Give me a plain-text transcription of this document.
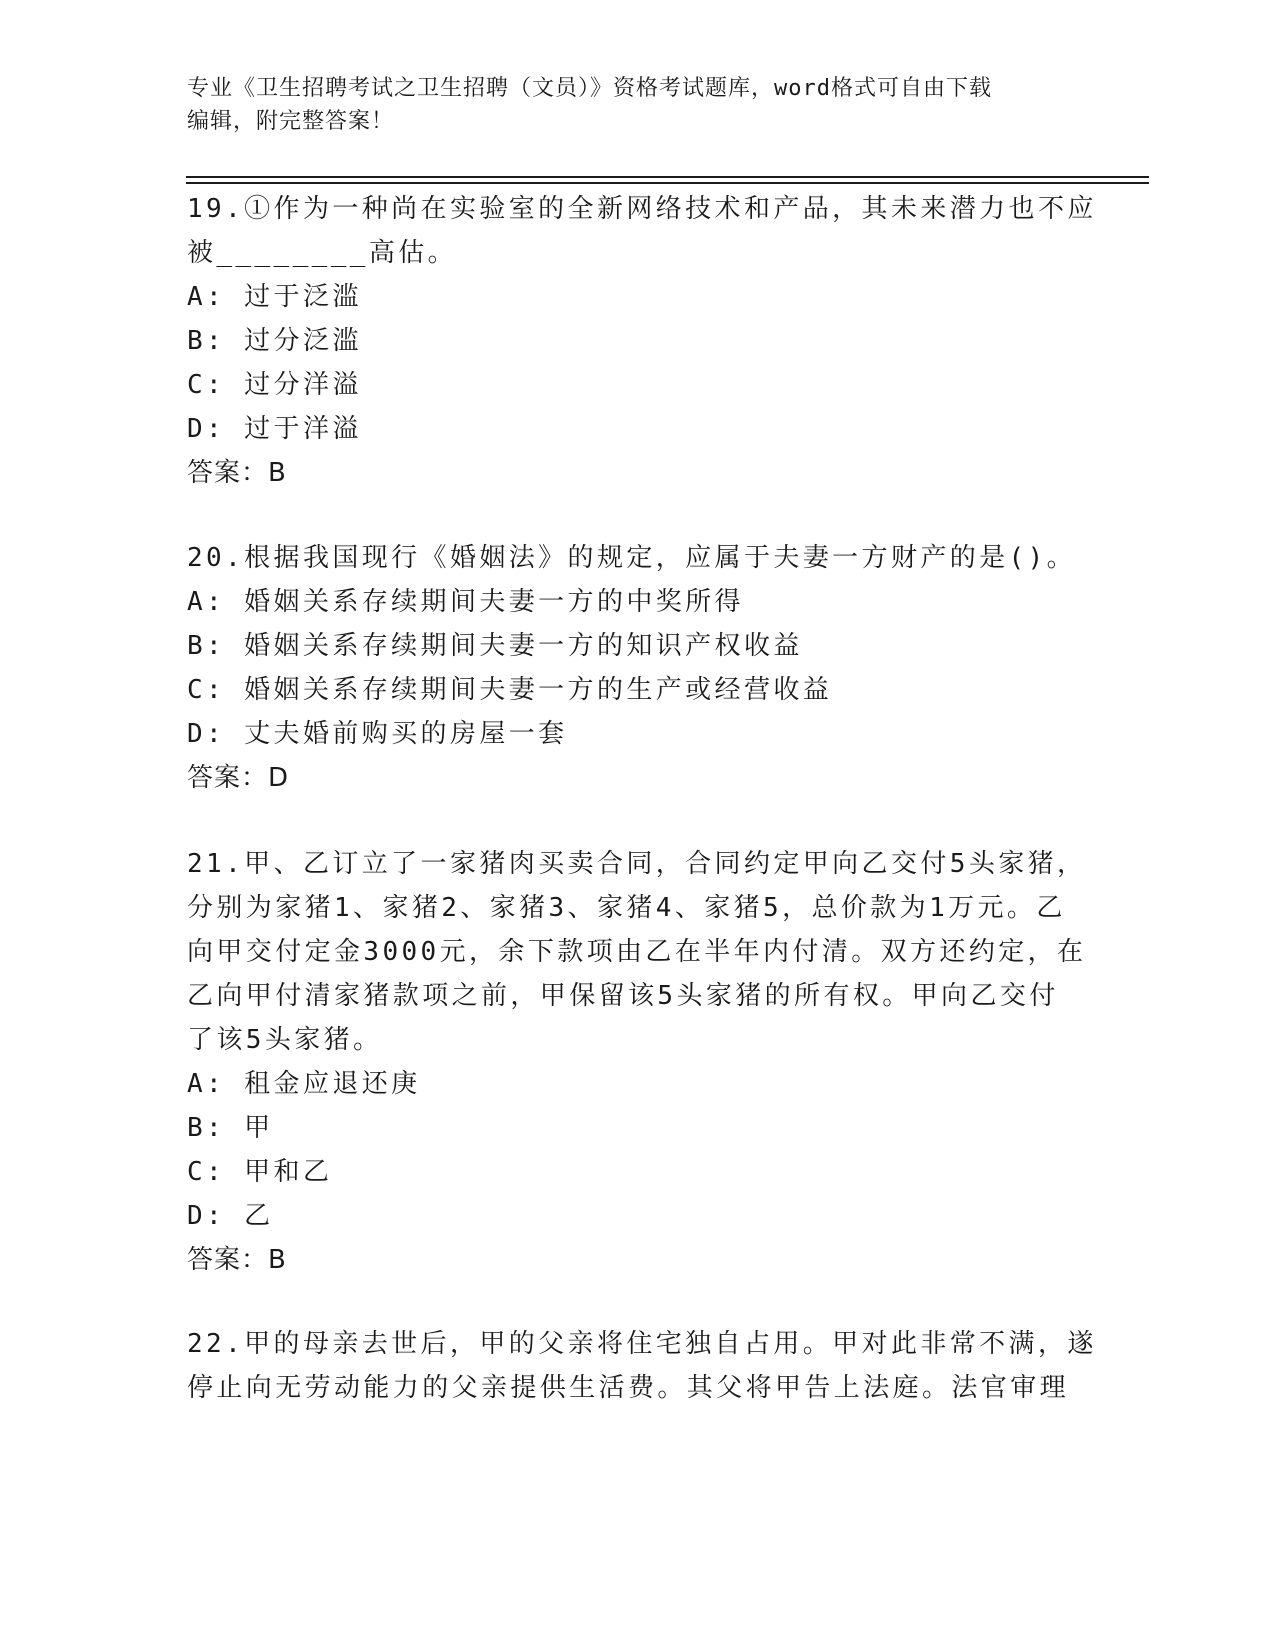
专业《卫生招聘考试之卫生招聘（文员）》资格考试题库，word格式可自由下载
编辑，附完整答案！
19.①作为一种尚在实验室的全新网络技术和产品，其未来潜力也不应
被________高估。
A: 过于泛滥
B: 过分泛滥
C: 过分洋溢
D: 过于洋溢
答案：B
20.根据我国现行《婚姻法》的规定，应属于夫妻一方财产的是()。
A: 婚姻关系存续期间夫妻一方的中奖所得
B: 婚姻关系存续期间夫妻一方的知识产权收益
C: 婚姻关系存续期间夫妻一方的生产或经营收益
D: 丈夫婚前购买的房屋一套
答案：D
21.甲、乙订立了一家猪肉买卖合同，合同约定甲向乙交付5头家猪，
分别为家猪1、家猪2、家猪3、家猪4、家猪5，总价款为1万元。乙
向甲交付定金3000元，余下款项由乙在半年内付清。双方还约定，在
乙向甲付清家猪款项之前，甲保留该5头家猪的所有权。甲向乙交付
了该5头家猪。
A: 租金应退还庚
B: 甲
C: 甲和乙
D: 乙
答案：B
22.甲的母亲去世后，甲的父亲将住宅独自占用。甲对此非常不满，遂
停止向无劳动能力的父亲提供生活费。其父将甲告上法庭。法官审理
